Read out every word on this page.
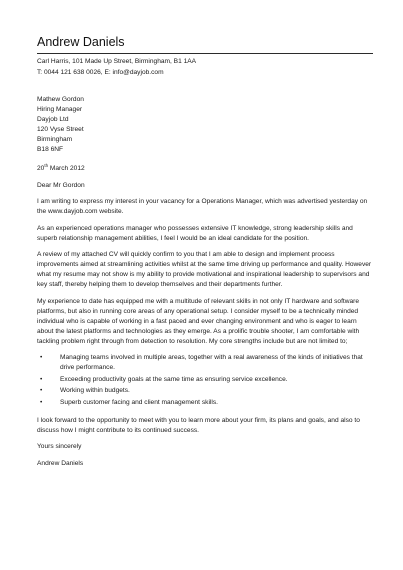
Andrew Daniels
Carl Harris, 101 Made Up Street, Birmingham, B1 1AA
T: 0044 121 638 0026, E: info@dayjob.com
Mathew Gordon
Hiring Manager
Dayjob Ltd
120 Vyse Street
Birmingham
B18 6NF

20th March 2012

Dear Mr Gordon

I am writing to express my interest in your vacancy for a Operations Manager, which was advertised yesterday on the www.dayjob.com website.

As an experienced operations manager who possesses extensive IT knowledge, strong leadership skills and superb relationship management abilities, I feel I would be an ideal candidate for the position.

A review of my attached CV will quickly confirm to you that I am able to design and implement process improvements aimed at streamlining activities whilst at the same time driving up performance and quality. However what my resume may not show is my ability to provide motivational and inspirational leadership to supervisors and key staff, thereby helping them to develop themselves and their departments further.

My experience to date has equipped me with a multitude of relevant skills in not only IT hardware and software platforms, but also in running core areas of any operational setup. I consider myself to be a technically minded individual who is capable of working in a fast paced and ever changing environment and who is eager to learn about the latest platforms and technologies as they emerge. As a prolific trouble shooter, I am comfortable with tackling problem right through from detection to resolution. My core strengths include but are not limited to;

•	Managing teams involved in multiple areas, together with a real awareness of the kinds of initiatives that drive performance.
•	Exceeding productivity goals at the same time as ensuring service excellence.
•	Working within budgets.
•	Superb customer facing and client management skills.

I look forward to the opportunity to meet with you to learn more about your firm, its plans and goals, and also to discuss how I might contribute to its continued success.

Yours sincerely

Andrew Daniels
